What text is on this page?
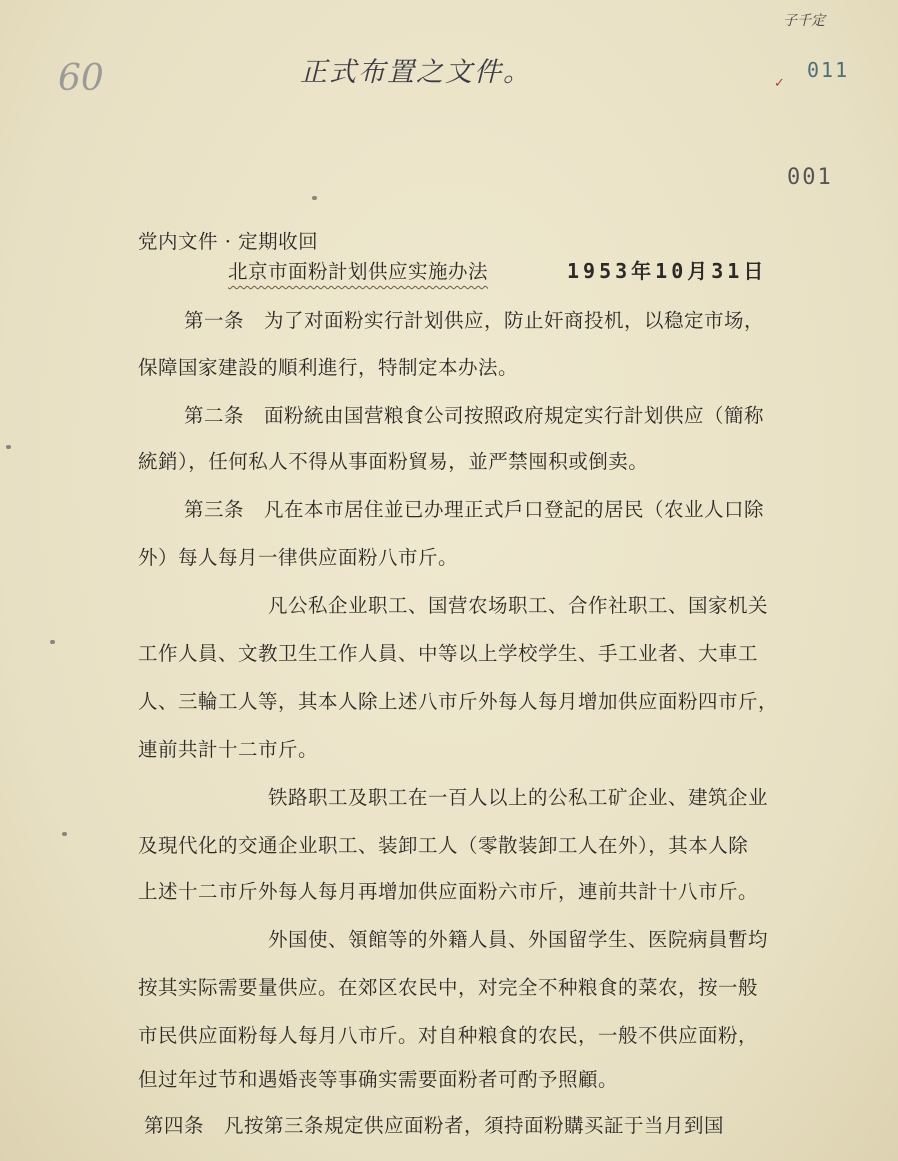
60	正式布置之文件。
子千定
011
✓
001
党内文件 · 定期收回
北京市面粉計划供应实施办法	1953年10月31日
第一条　为了对面粉实行計划供应，防止奸商投机，以稳定市场，
保障国家建設的順利進行，特制定本办法。
第二条　面粉統由国营粮食公司按照政府規定实行計划供应（簡称
統銷），任何私人不得从事面粉貿易，並严禁囤积或倒卖。
第三条　凡在本市居住並已办理正式戶口登記的居民（农业人口除
外）每人每月一律供应面粉八市斤。
凡公私企业职工、国营农场职工、合作社职工、国家机关
工作人員、文教卫生工作人員、中等以上学校学生、手工业者、大車工
人、三輪工人等，其本人除上述八市斤外每人每月增加供应面粉四市斤，
連前共計十二市斤。
铁路职工及职工在一百人以上的公私工矿企业、建筑企业
及現代化的交通企业职工、装卸工人（零散装卸工人在外），其本人除
上述十二市斤外每人每月再增加供应面粉六市斤，連前共計十八市斤。
外国使、領館等的外籍人員、外国留学生、医院病員暫均
按其实际需要量供应。在郊区农民中，对完全不种粮食的菜农，按一般
市民供应面粉每人每月八市斤。对自种粮食的农民，一般不供应面粉，
但过年过节和遇婚丧等事确实需要面粉者可酌予照顧。
第四条　凡按第三条規定供应面粉者，須持面粉購买証于当月到国
